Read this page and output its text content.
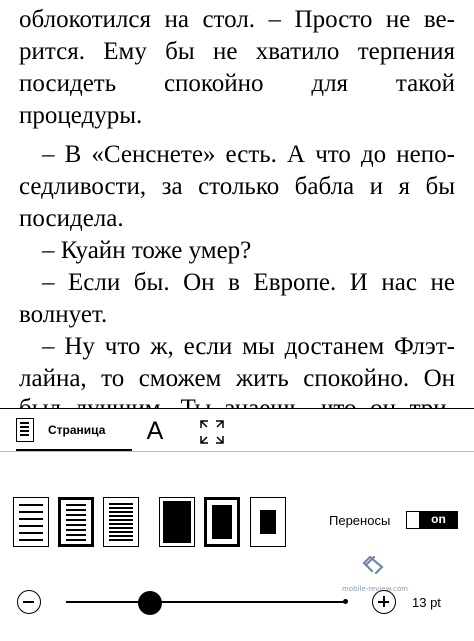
облокотился на стол. – Просто не ве-
рится. Ему бы не хватило терпения
посидеть спокойно для такой
процедуры.
– В «Сенснете» есть. А что до непо-
седливости, за столько бабла и я бы
посидела.
– Куайн тоже умер?
– Если бы. Он в Европе. И нас не
волнует.
– Ну что ж, если мы достанем Флэт-
лайна, то сможем жить спокойно. Он
Страница A
Переносы	on
mobile-review.com
13 pt
